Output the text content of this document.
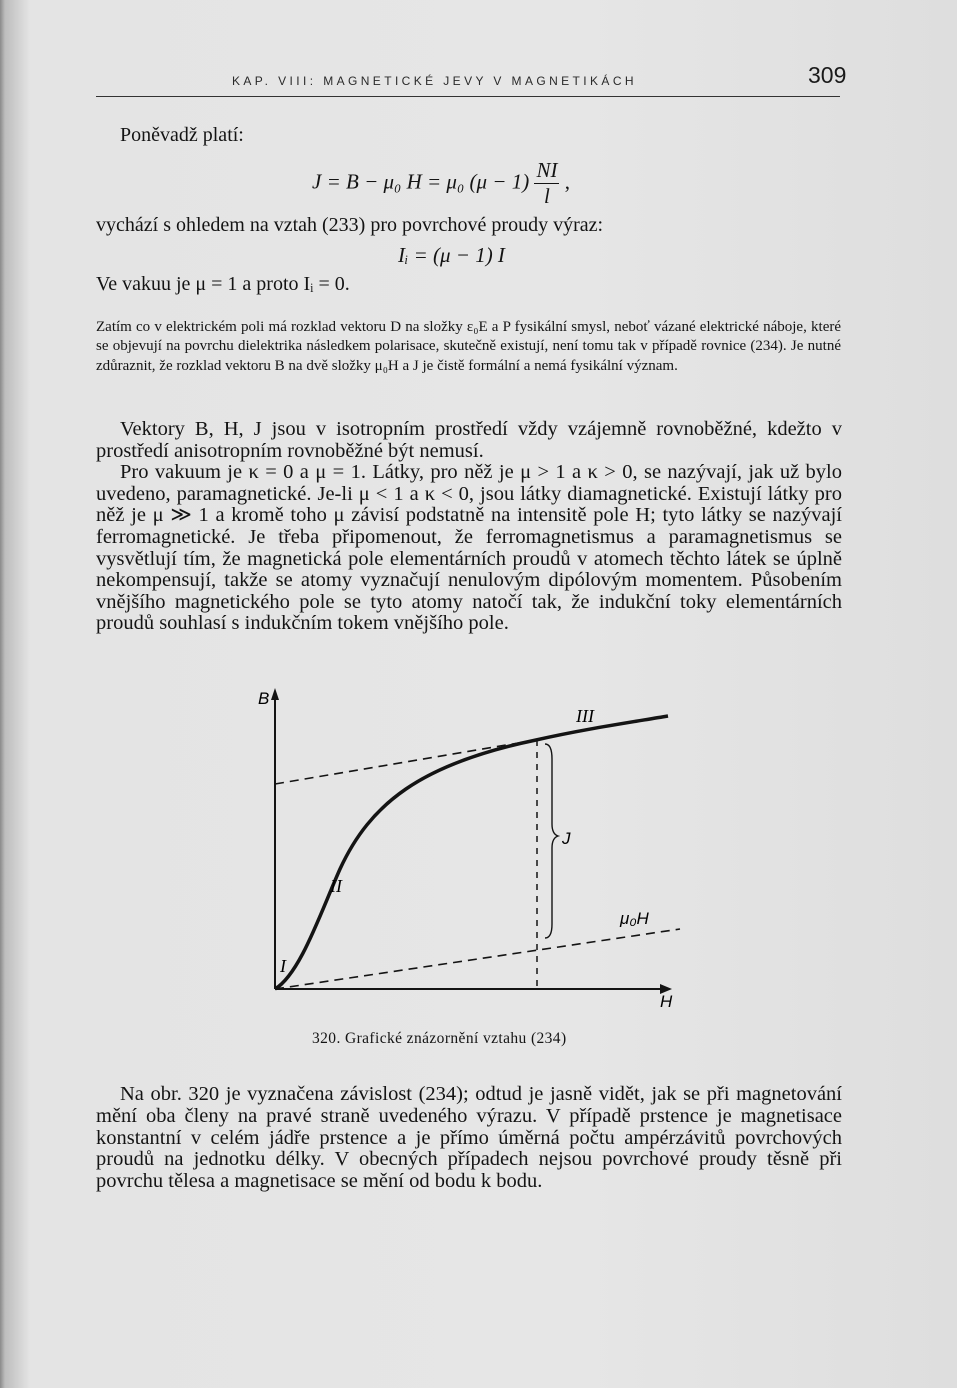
KAP. VIII: MAGNETICKÉ JEVY V MAGNETIKÁCH	309
Poněvadž platí:
J = B − μ₀ H = μ₀ $(\mu - 1) \frac{NI}{l}$ ,
vychází s ohledem na vztah (233) pro povrchové proudy výraz:
Iᵢ = (μ − 1) I
Ve vakuu je μ = 1 a proto Iᵢ = 0.
Zatím co v elektrickém poli má rozklad vektoru D na složky ε₀E a P fysikální smysl, neboť vázané elektrické náboje, které se objevují na povrchu dielektrika následkem polarisace, skutečně existují, není tomu tak v případě rovnice (234). Je nutné zdůraznit, že rozklad vektoru B na dvě složky μ₀H a J je čistě formální a nemá fysikální význam.

Vektory B, H, J jsou v isotropním prostředí vždy vzájemně rovnoběžné, kdežto v prostředí anisotropním rovnoběžné být nemusí.

Pro vakuum je κ = 0 a μ = 1. Látky, pro něž je μ > 1 a κ > 0, se nazývají, jak už bylo uvedeno, paramagnetické. Je-li μ < 1 a κ < 0, jsou látky diamagnetické. Existují látky pro něž je μ ≫ 1 a kromě toho μ závisí podstatně na intensitě pole H; tyto látky se nazývají ferromagnetické. Je třeba připomenout, že ferromagnetismus a paramagnetismus se vysvětlují tím, že magnetická pole elementárních proudů v atomech těchto látek se úplně nekompensují, takže se atomy vyznačují nenulovým dipólovým momentem. Působením vnějšího magnetického pole se tyto atomy natočí tak, že indukční toky elementárních proudů souhlasí s indukčním tokem vnějšího pole.

B
H
I
II
III
J
μ₀H
320. Grafické znázornění vztahu (234)

Na obr. 320 je vyznačena závislost (234); odtud je jasně vidět, jak se při magnetování mění oba členy na pravé straně uvedeného výrazu. V případě prstence je magnetisace konstantní v celém jádře prstence a je přímo úměrná počtu ampérzávitů povrchových proudů na jednotku délky. V obecných případech nejsou povrchové proudy těsně při povrchu tělesa a magnetisace se mění od bodu k bodu.
